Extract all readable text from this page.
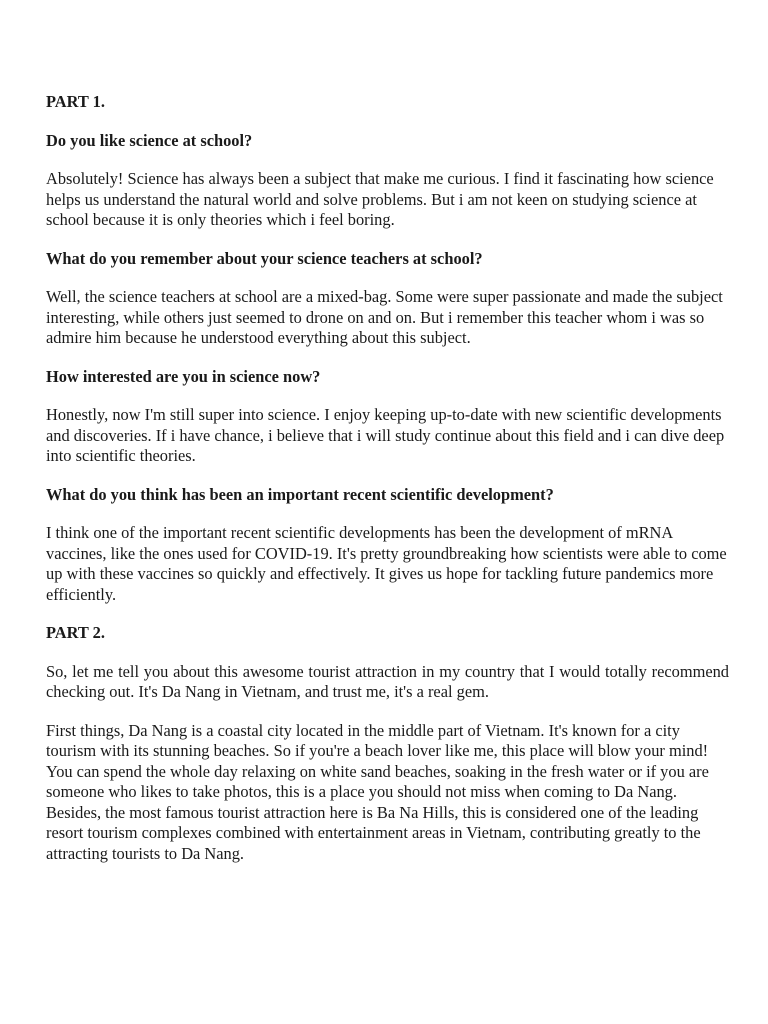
PART 1.

Do you like science at school?

Absolutely! Science has always been a subject that make me curious. I find it fascinating how science helps us understand the natural world and solve problems. But i am not keen on studying science at school because it is only theories which i feel boring.

What do you remember about your science teachers at school?

Well, the science teachers at school are a mixed-bag. Some were super passionate and made the subject interesting, while others just seemed to drone on and on. But i remember this teacher whom i was so admire him because he understood everything about this subject.

How interested are you in science now?

Honestly, now I'm still super into science. I enjoy keeping up-to-date with new scientific developments and discoveries. If i have chance, i believe that i will study continue about this field and i can dive deep into scientific theories.

What do you think has been an important recent scientific development?

I think one of the important recent scientific developments has been the development of mRNA vaccines, like the ones used for COVID-19. It's pretty groundbreaking how scientists were able to come up with these vaccines so quickly and effectively. It gives us hope for tackling future pandemics more efficiently.

PART 2.

So, let me tell you about this awesome tourist attraction in my country that I would totally recommend checking out. It's Da Nang in Vietnam, and trust me, it's a real gem.

First things, Da Nang is a coastal city located in the middle part of Vietnam. It's known for a city tourism with its stunning beaches. So if you're a beach lover like me, this place will blow your mind! You can spend the whole day relaxing on white sand beaches, soaking in the fresh water or if you are someone who likes to take photos, this is a place you should not miss when coming to Da Nang. Besides, the most famous tourist attraction here is Ba Na Hills, this is considered one of the leading resort tourism complexes combined with entertainment areas in Vietnam, contributing greatly to the attracting tourists to Da Nang.
